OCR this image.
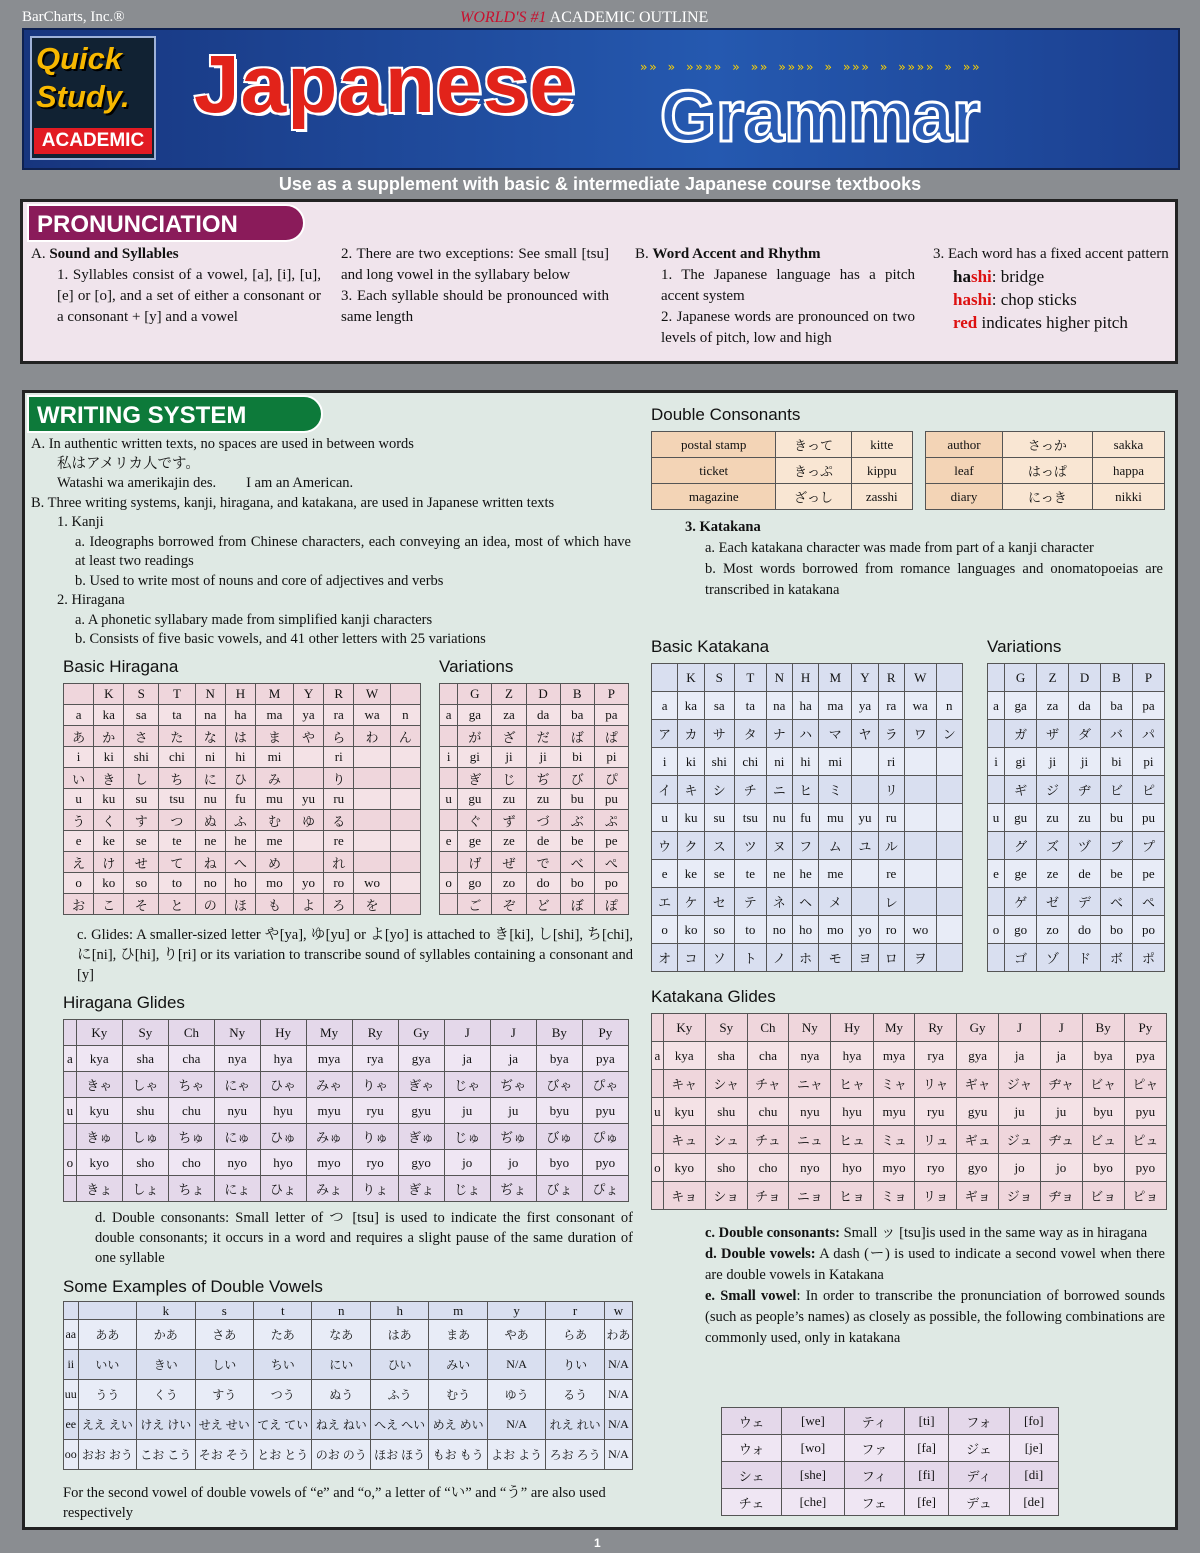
BarCharts, Inc.®	WORLD'S #1 ACADEMIC OUTLINE
»» » »»»» » »» »»»» » »»» » »»»» » »»
Quick
Study.
ACADEMIC
Japanese Grammar
Use as a supplement with basic & intermediate Japanese course textbooks
PRONUNCIATION
A. Sound and Syllables
1. Syllables consist of a vowel, [a], [i], [u], [e] or [o], and a set of either a consonant or a consonant + [y] and a vowel
2. There are two exceptions: See small [tsu] and long vowel in the syllabary below
3. Each syllable should be pronounced with same length
B. Word Accent and Rhythm
1. The Japanese language has a pitch accent system
2. Japanese words are pronounced on two levels of pitch, low and high
3. Each word has a fixed accent pattern
hashi: bridge
hashi: chop sticks
red indicates higher pitch
WRITING SYSTEM
A. In authentic written texts, no spaces are used in between words
私はアメリカ人です。
Watashi wa amerikajin des. I am an American.
B. Three writing systems, kanji, hiragana, and katakana, are used in Japanese written texts
1. Kanji
a. Ideographs borrowed from Chinese characters, each conveying an idea, most of which have at least two readings
b. Used to write most of nouns and core of adjectives and verbs
2. Hiragana
a. A phonetic syllabary made from simplified kanji characters
b. Consists of five basic vowels, and 41 other letters with 25 variations
Basic Hiragana	Variations
	K	S	T	N	H	M	Y	R	W	
a	ka	sa	ta	na	ha	ma	ya	ra	wa	n
あ	か	さ	た	な	は	ま	や	ら	わ	ん
i	ki	shi	chi	ni	hi	mi		ri		
い	き	し	ち	に	ひ	み		り		
u	ku	su	tsu	nu	fu	mu	yu	ru		
う	く	す	つ	ぬ	ふ	む	ゆ	る		
e	ke	se	te	ne	he	me		re		
え	け	せ	て	ね	へ	め		れ		
o	ko	so	to	no	ho	mo	yo	ro	wo	
お	こ	そ	と	の	ほ	も	よ	ろ	を	
	G	Z	D	B	P
a	ga	za	da	ba	pa
	が	ざ	だ	ば	ぱ
i	gi	ji	ji	bi	pi
	ぎ	じ	ぢ	び	ぴ
u	gu	zu	zu	bu	pu
	ぐ	ず	づ	ぶ	ぷ
e	ge	ze	de	be	pe
	げ	ぜ	で	べ	ぺ
o	go	zo	do	bo	po
	ご	ぞ	ど	ぼ	ぽ
c. Glides: A smaller-sized letter や[ya], ゆ[yu] or よ[yo] is attached to き[ki], し[shi], ち[chi], に[ni], ひ[hi], り[ri] or its variation to transcribe sound of syllables containing a consonant and [y]
Hiragana Glides
	Ky	Sy	Ch	Ny	Hy	My	Ry	Gy	J	J	By	Py
a	kya	sha	cha	nya	hya	mya	rya	gya	ja	ja	bya	pya
	きゃ	しゃ	ちゃ	にゃ	ひゃ	みゃ	りゃ	ぎゃ	じゃ	ぢゃ	びゃ	ぴゃ
u	kyu	shu	chu	nyu	hyu	myu	ryu	gyu	ju	ju	byu	pyu
	きゅ	しゅ	ちゅ	にゅ	ひゅ	みゅ	りゅ	ぎゅ	じゅ	ぢゅ	びゅ	ぴゅ
o	kyo	sho	cho	nyo	hyo	myo	ryo	gyo	jo	jo	byo	pyo
	きょ	しょ	ちょ	にょ	ひょ	みょ	りょ	ぎょ	じょ	ぢょ	びょ	ぴょ
d. Double consonants: Small letter of つ [tsu] is used to indicate the first consonant of double consonants; it occurs in a word and requires a slight pause of the same duration of one syllable
Some Examples of Double Vowels
		k	s	t	n	h	m	y	r	w
aa	ああ	かあ	さあ	たあ	なあ	はあ	まあ	やあ	らあ	わあ
ii	いい	きい	しい	ちい	にい	ひい	みい	N/A	りい	N/A
uu	うう	くう	すう	つう	ぬう	ふう	むう	ゆう	るう	N/A
ee	ええ えい	けえ けい	せえ せい	てえ てい	ねえ ねい	へえ へい	めえ めい	N/A	れえ れい	N/A
oo	おお おう	こお こう	そお そう	とお とう	のお のう	ほお ほう	もお もう	よお よう	ろお ろう	N/A
For the second vowel of double vowels of “e” and “o,” a letter of “い” and “う” are also used respectively
Double Consonants
postal stamp	きって	kitte
ticket	きっぷ	kippu
magazine	ざっし	zasshi
author	さっか	sakka
leaf	はっぱ	happa
diary	にっき	nikki
3. Katakana
a. Each katakana character was made from part of a kanji character
b. Most words borrowed from romance languages and onomatopoeias are transcribed in katakana
Basic Katakana	Variations
	K	S	T	N	H	M	Y	R	W	
a	ka	sa	ta	na	ha	ma	ya	ra	wa	n
ア	カ	サ	タ	ナ	ハ	マ	ヤ	ラ	ワ	ン
i	ki	shi	chi	ni	hi	mi		ri		
イ	キ	シ	チ	ニ	ヒ	ミ		リ		
u	ku	su	tsu	nu	fu	mu	yu	ru		
ウ	ク	ス	ツ	ヌ	フ	ム	ユ	ル		
e	ke	se	te	ne	he	me		re		
エ	ケ	セ	テ	ネ	ヘ	メ		レ		
o	ko	so	to	no	ho	mo	yo	ro	wo	
オ	コ	ソ	ト	ノ	ホ	モ	ヨ	ロ	ヲ	
	G	Z	D	B	P
a	ga	za	da	ba	pa
	ガ	ザ	ダ	バ	パ
i	gi	ji	ji	bi	pi
	ギ	ジ	ヂ	ビ	ピ
u	gu	zu	zu	bu	pu
	グ	ズ	ヅ	ブ	プ
e	ge	ze	de	be	pe
	ゲ	ゼ	デ	ベ	ペ
o	go	zo	do	bo	po
	ゴ	ゾ	ド	ボ	ポ
Katakana Glides
	Ky	Sy	Ch	Ny	Hy	My	Ry	Gy	J	J	By	Py
a	kya	sha	cha	nya	hya	mya	rya	gya	ja	ja	bya	pya
	キャ	シャ	チャ	ニャ	ヒャ	ミャ	リャ	ギャ	ジャ	ヂャ	ビャ	ピャ
u	kyu	shu	chu	nyu	hyu	myu	ryu	gyu	ju	ju	byu	pyu
	キュ	シュ	チュ	ニュ	ヒュ	ミュ	リュ	ギュ	ジュ	ヂュ	ビュ	ピュ
o	kyo	sho	cho	nyo	hyo	myo	ryo	gyo	jo	jo	byo	pyo
	キョ	ショ	チョ	ニョ	ヒョ	ミョ	リョ	ギョ	ジョ	ヂョ	ビョ	ピョ
c. Double consonants: Small ッ [tsu]is used in the same way as in hiragana
d. Double vowels: A dash (ー) is used to indicate a second vowel when there are double vowels in Katakana
e. Small vowel: In order to transcribe the pronunciation of borrowed sounds (such as people’s names) as closely as possible, the following combinations are commonly used, only in katakana
ウェ	[we]	ティ	[ti]	フォ	[fo]
ウォ	[wo]	ファ	[fa]	ジェ	[je]
シェ	[she]	フィ	[fi]	ディ	[di]
チェ	[che]	フェ	[fe]	デュ	[de]
1
